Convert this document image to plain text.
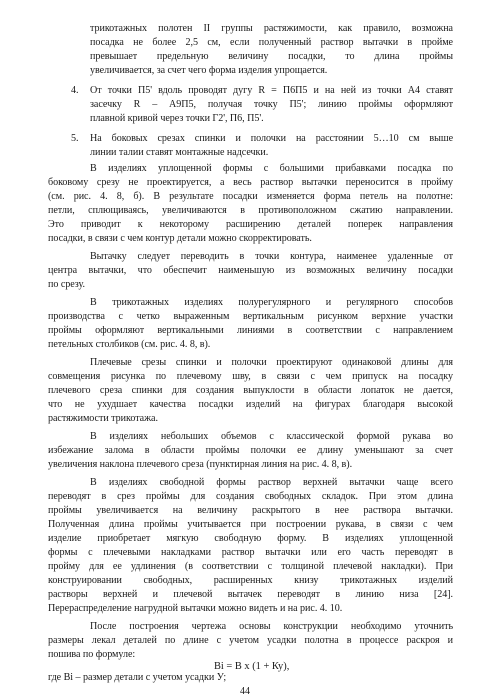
трикотажных полотен II группы растяжимости, как правило, возможна
посадка не более 2,5 см, если полученный раствор вытачки в пройме
превышает предельную величину посадки, то длина проймы
увеличивается, за счет чего форма изделия упрощается.
4. От точки П5' вдоль проводят дугу R = П6П5 и на ней из точки А4 ставят
засечку R – А9П5, получая точку П5'; линию проймы оформляют
плавной кривой через точки Г2', П6, П5'.
5. На боковых срезах спинки и полочки на расстоянии 5…10 см выше
линии талии ставят монтажные надсечки.
В изделиях уплощенной формы с большими прибавками посадка по
боковому срезу не проектируется, а весь раствор вытачки переносится в пройму
(см. рис. 4. 8, б). В результате посадки изменяется форма петель на полотне:
петли, сплющиваясь, увеличиваются в противоположном сжатию направлении.
Это приводит к некоторому расширению деталей поперек направления
посадки, в связи с чем контур детали можно скорректировать.
Вытачку следует переводить в точки контура, наименее удаленные от
центра вытачки, что обеспечит наименьшую из возможных величину посадки
по срезу.
В трикотажных изделиях полурегулярного и регулярного способов
производства с четко выраженным вертикальным рисунком верхние участки
проймы оформляют вертикальными линиями в соответствии с направлением
петельных столбиков (см. рис. 4. 8, в).
Плечевые срезы спинки и полочки проектируют одинаковой длины для
совмещения рисунка по плечевому шву, в связи с чем припуск на посадку
плечевого среза спинки для создания выпуклости в области лопаток не дается,
что не ухудшает качества посадки изделий на фигурах благодаря высокой
растяжимости трикотажа.
В изделиях небольших объемов с классической формой рукава во
избежание залома в области проймы полочки ее длину уменьшают за счет
увеличения наклона плечевого среза (пунктирная линия на рис. 4. 8, в).
В изделиях свободной формы раствор верхней вытачки чаще всего
переводят в срез проймы для создания свободных складок. При этом длина
проймы увеличивается на величину раскрытого в нее раствора вытачки.
Полученная длина проймы учитывается при построении рукава, в связи с чем
изделие приобретает мягкую свободную форму. В изделиях уплощенной
формы с плечевыми накладками раствор вытачки или его часть переводят в
пройму для ее удлинения (в соответствии с толщиной плечевой накладки). При
конструировании свободных, расширенных книзу трикотажных изделий
растворы верхней и плечевой вытачек переводят в линию низа [24].
Перераспределение нагрудной вытачки можно видеть и на рис. 4. 10.
После построения чертежа основы конструкции необходимо уточнить
размеры лекал деталей по длине с учетом усадки полотна в процессе раскроя и
пошива по формуле:
Вi = В x (1 + Ку),
где Вi – размер детали с учетом усадки У;
44
